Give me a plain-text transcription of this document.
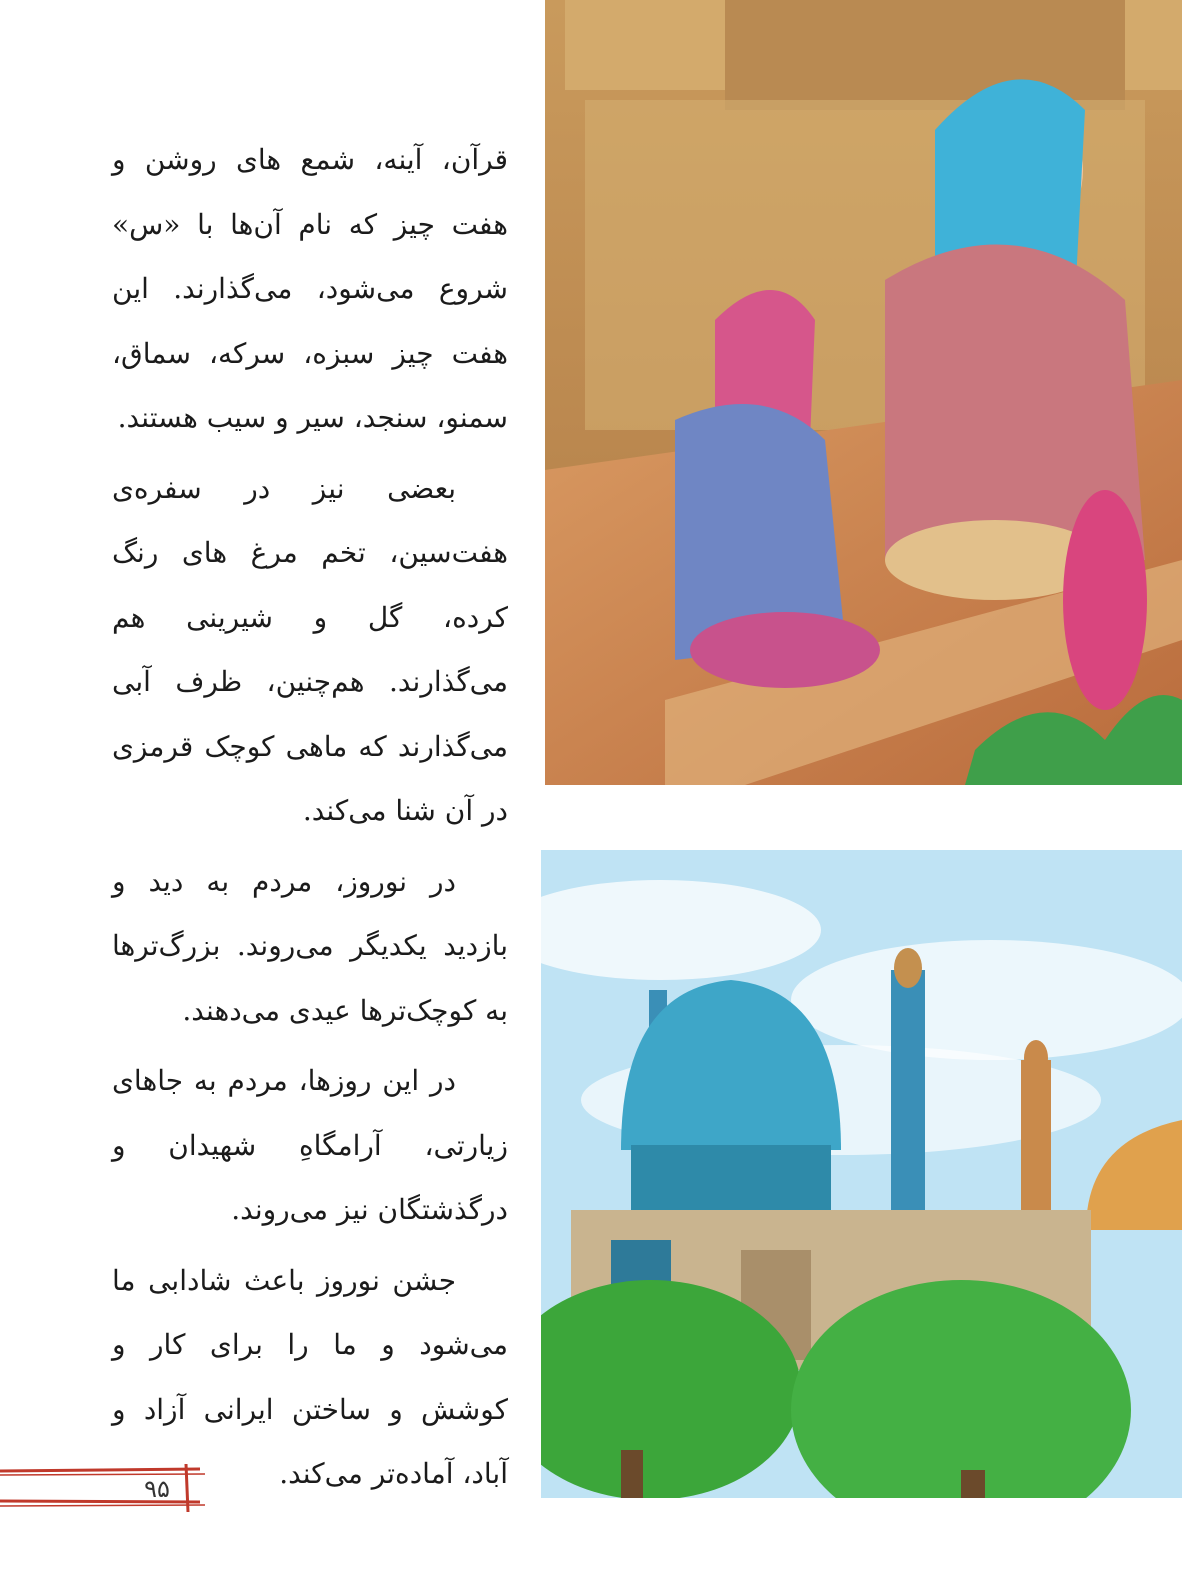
قرآن، آینه، شمع های روشن و هفت چیز که نام آن‌ها با «س» شروع می‌شود، می‌گذارند. این هفت چیز سبزه، سرکه، سماق، سمنو، سنجد، سیر و سیب هستند.

بعضی نیز در سفره‌ی هفت‌سین، تخم مرغ های رنگ کرده، گل و شیرینی هم می‌گذارند. هم‌چنین، ظرف آبی می‌گذارند که ماهی کوچک قرمزی در آن شنا می‌کند.

در نوروز، مردم به دید و بازدید یکدیگر می‌روند. بزرگ‌ترها به کوچک‌ترها عیدی می‌دهند.

در این روزها، مردم به جاهای زیارتی، آرامگاهِ شهیدان و درگذشتگان نیز می‌روند.

جشن نوروز باعث شادابی ما می‌شود و ما را برای کار و کوشش و ساختن ایرانی آزاد و آباد، آماده‌تر می‌کند.

۹۵
